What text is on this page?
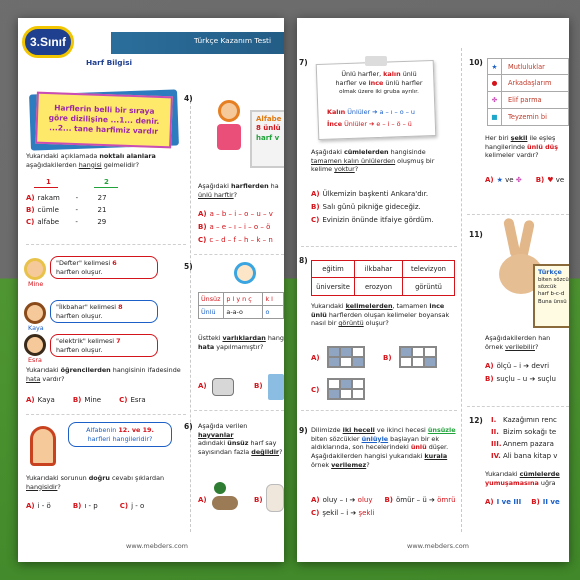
3.Sınıf	Türkçe Kazanım Testi
Harf Bilgisi
Harflerin belli bir sıraya
göre dizilişine ...1... denir.
...2... tane harfimiz vardır
Yukarıdaki açıklamada noktalı alanlara
aşağıdakilerden hangisi gelmelidir?
1	2
A) rakam	-	27
B) cümle	-	21
C) alfabe	-	29
Mine
"Defter" kelimesi 6
harften oluşur.
Kaya
"İlkbahar" kelimesi 8
harften oluşur.
Esra
"elektrik" kelimesi 7
harften oluşur.
Yukarıdaki öğrencilerden hangisinin ifadesinde hata vardır?
A) Kaya	B) Mine	C) Esra
Alfabenin 12. ve 19.
harfleri hangileridir?
Yukarıdaki sorunun doğru cevabı şıklardan
hangisidir?
A) i - ö	B) ı - p	C) j - o
4)
Alfabe
8 ünlü
harf v
Aşağıdaki harflerden ha
ünlü harftir?
A) a – b – i – o – u – v
B) a – e – ı – i – o – ö
C) c – d – f – h – k – n
5)
Ünsüz p l y n ç	k l
Ünlü	a-a-o	o
Üstteki varlıklardan hang
hata yapılmamıştır?
A)	B)
6) Aşağıda verilen hayvanlar
adındaki ünsüz harf say
sayısından fazla değildir?
A)	B)
www.mebders.com
7)
Ünlü harfler, kalın ünlü
harfler ve ince ünlü harfler
olmak üzere iki gruba ayrılır.
Kalın Ünlüler ➔ a – ı – o – u
İnce Ünlüler ➔ e – i – ö – ü
Aşağıdaki cümlelerden hangisinde
tamamen kalın ünlülerden oluşmuş bir
kelime yoktur?
A) Ülkemizin başkenti Ankara'dır.
B) Salı günü pikniğe gideceğiz.
C) Evinizin önünde itfaiye gördüm.
8)
eğitim	ilkbahar	televizyon
üniversite	erozyon	görüntü
Yukarıdaki kelimelerden, tamamen ince
ünlü harflerden oluşan kelimeler boyansak
nasıl bir görüntü oluşur?
A)	B)
C)
9) Dilimizde iki heceli ve ikinci hecesi ünsüzle
biten sözcükler ünlüyle başlayan bir ek
aldıklarında, son hecelerindeki ünlü düşer.
Aşağıdakilerden hangisi yukarıdaki kurala
örnek verilemez?
A) oluy – ı ➔ oluy B) ömür – ü ➔ ömrü
C) şekil – i ➔ şekli
10)	★	Mutluluklar
●	Arkadaşlarım
✤	Elif parma
■	Teyzemin bi
Her biri şekil ile eşleş
hangilerinde ünlü düş
kelimeler vardır?
A) ★ ve ✤ B) ♥ ve
11)
Türkçe
biten sözcü
sözcük
harf b-c-d
Buna ünsü
Aşağıdakilerden han
örnek verilebilir?
A) ölçü – i ➔ devri
B) suçlu – u ➔ suçlu
12) I. Kazağımın renc
II. Bizim sokağı te
III. Annem pazara
IV. Ali bana kitap v
Yukarıdaki cümlelerde
yumuşamasına uğra
A) I ve III B) II ve
www.mebders.com
